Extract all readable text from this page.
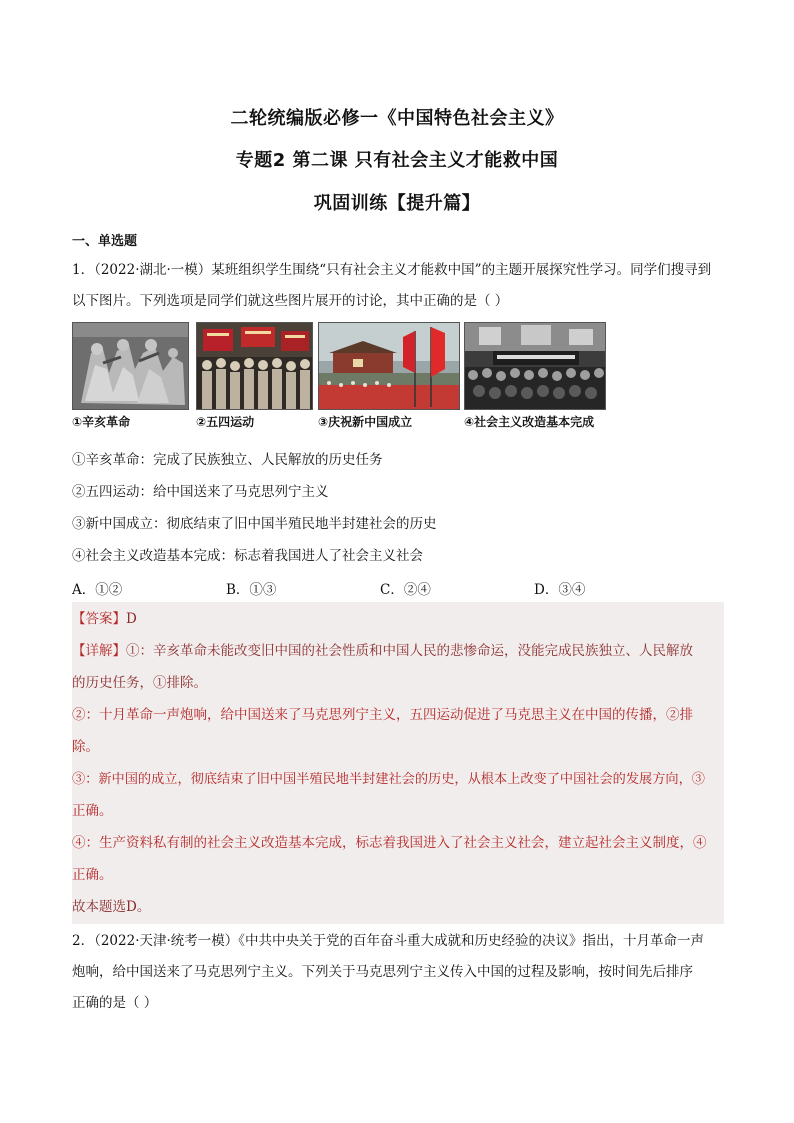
二轮统编版必修一《中国特色社会主义》
专题2 第二课 只有社会主义才能救中国
巩固训练【提升篇】
一、单选题
1．（2022·湖北·一模）某班组织学生围绕“只有社会主义才能救中国”的主题开展探究性学习。同学们搜寻到
以下图片。下列选项是同学们就这些图片展开的讨论，其中正确的是（ ）
①辛亥革命	②五四运动	③庆祝新中国成立	④社会主义改造基本完成
①辛亥革命：完成了民族独立、人民解放的历史任务
②五四运动：给中国送来了马克思列宁主义
③新中国成立：彻底结束了旧中国半殖民地半封建社会的历史
④社会主义改造基本完成：标志着我国进人了社会主义社会
A．①②	B．①③	C．②④	D．③④
【答案】D
【详解】①：辛亥革命未能改变旧中国的社会性质和中国人民的悲惨命运，没能完成民族独立、人民解放
的历史任务，①排除。
②：十月革命一声炮响，给中国送来了马克思列宁主义，五四运动促进了马克思主义在中国的传播，②排
除。
③：新中国的成立，彻底结束了旧中国半殖民地半封建社会的历史，从根本上改变了中国社会的发展方向，③
正确。
④：生产资料私有制的社会主义改造基本完成，标志着我国进入了社会主义社会，建立起社会主义制度，④
正确。
故本题选D。
2．（2022·天津·统考一模）《中共中央关于党的百年奋斗重大成就和历史经验的决议》指出，十月革命一声
炮响，给中国送来了马克思列宁主义。下列关于马克思列宁主义传入中国的过程及影响，按时间先后排序
正确的是（ ）
